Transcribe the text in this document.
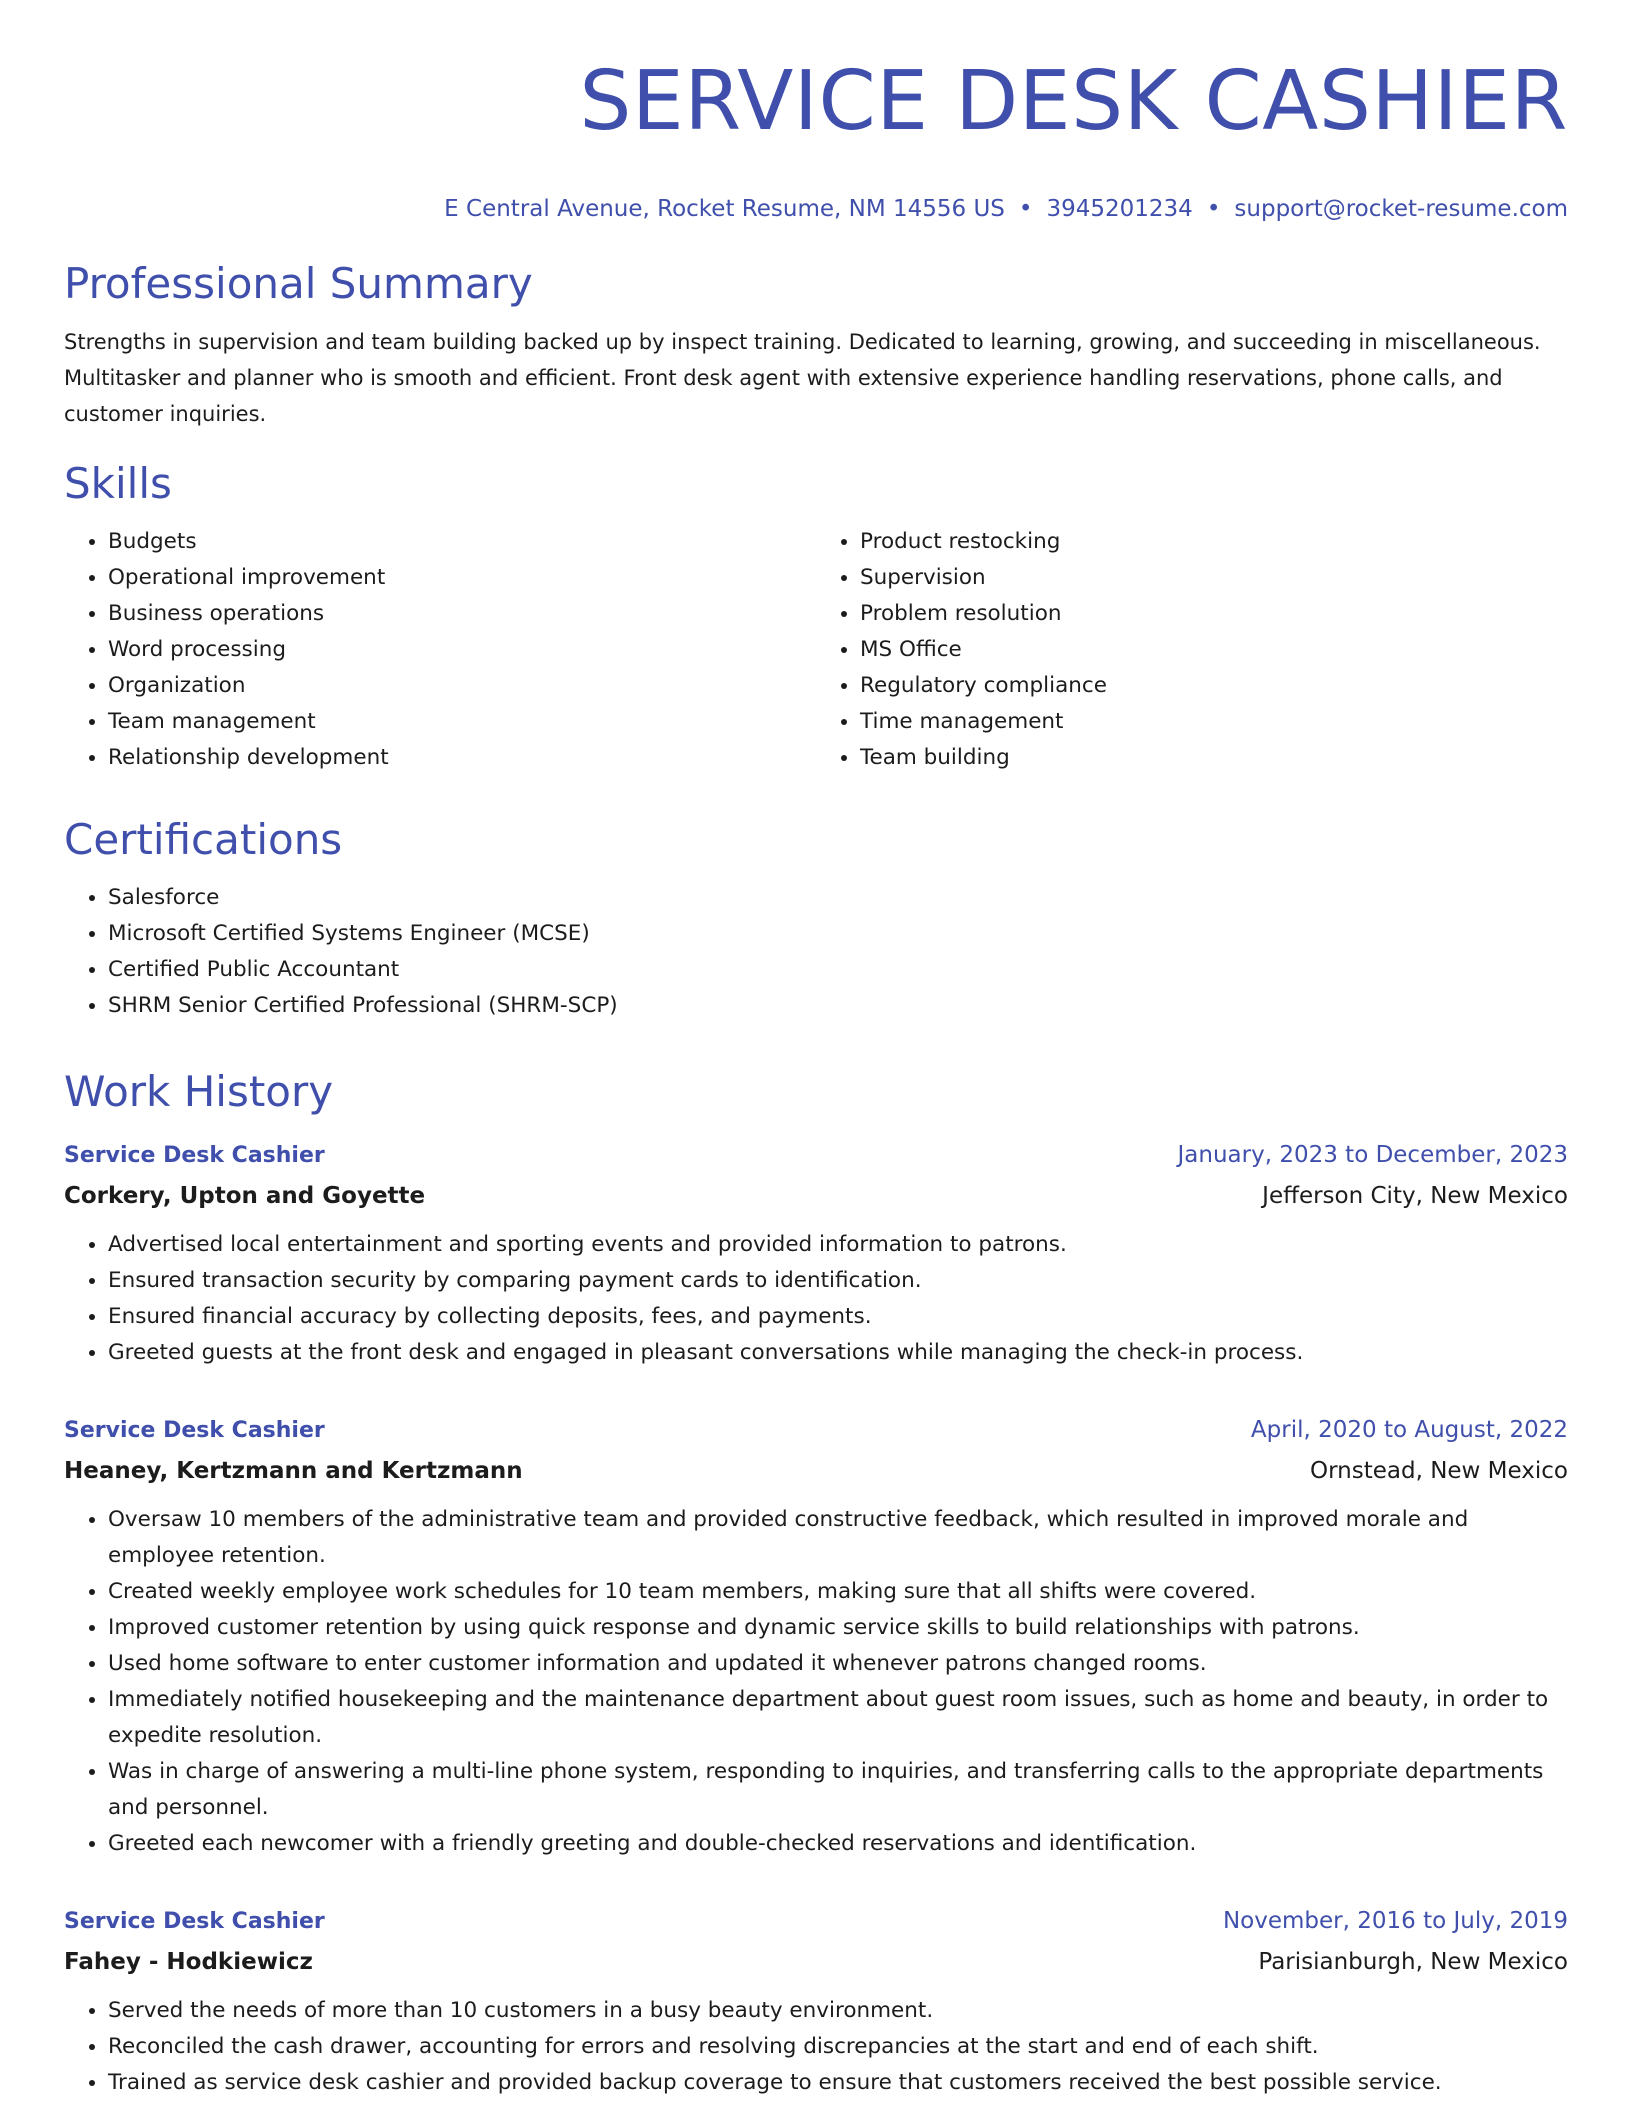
SERVICE DESK CASHIER
E Central Avenue, Rocket Resume, NM 14556 US • 3945201234 • support@rocket-resume.com
Professional Summary

Strengths in supervision and team building backed up by inspect training. Dedicated to learning, growing, and succeeding in miscellaneous. Multitasker and planner who is smooth and efficient. Front desk agent with extensive experience handling reservations, phone calls, and customer inquiries.

Skills
• Budgets
• Operational improvement
• Business operations
• Word processing
• Organization
• Team management
• Relationship development
• Product restocking
• Supervision
• Problem resolution
• MS Office
• Regulatory compliance
• Time management
• Team building
Certifications
• Salesforce
• Microsoft Certified Systems Engineer (MCSE)
• Certified Public Accountant
• SHRM Senior Certified Professional (SHRM-SCP)
Work History
Service Desk Cashier	January, 2023 to December, 2023
Corkery, Upton and Goyette	Jefferson City, New Mexico
• Advertised local entertainment and sporting events and provided information to patrons.
• Ensured transaction security by comparing payment cards to identification.
• Ensured financial accuracy by collecting deposits, fees, and payments.
• Greeted guests at the front desk and engaged in pleasant conversations while managing the check-in process.
Service Desk Cashier	April, 2020 to August, 2022
Heaney, Kertzmann and Kertzmann	Ornstead, New Mexico
• Oversaw 10 members of the administrative team and provided constructive feedback, which resulted in improved morale and employee retention.
• Created weekly employee work schedules for 10 team members, making sure that all shifts were covered.
• Improved customer retention by using quick response and dynamic service skills to build relationships with patrons.
• Used home software to enter customer information and updated it whenever patrons changed rooms.
• Immediately notified housekeeping and the maintenance department about guest room issues, such as home and beauty, in order to expedite resolution.
• Was in charge of answering a multi-line phone system, responding to inquiries, and transferring calls to the appropriate departments and personnel.
• Greeted each newcomer with a friendly greeting and double-checked reservations and identification.
Service Desk Cashier	November, 2016 to July, 2019
Fahey - Hodkiewicz	Parisianburgh, New Mexico
• Served the needs of more than 10 customers in a busy beauty environment.
• Reconciled the cash drawer, accounting for errors and resolving discrepancies at the start and end of each shift.
• Trained as service desk cashier and provided backup coverage to ensure that customers received the best possible service.
